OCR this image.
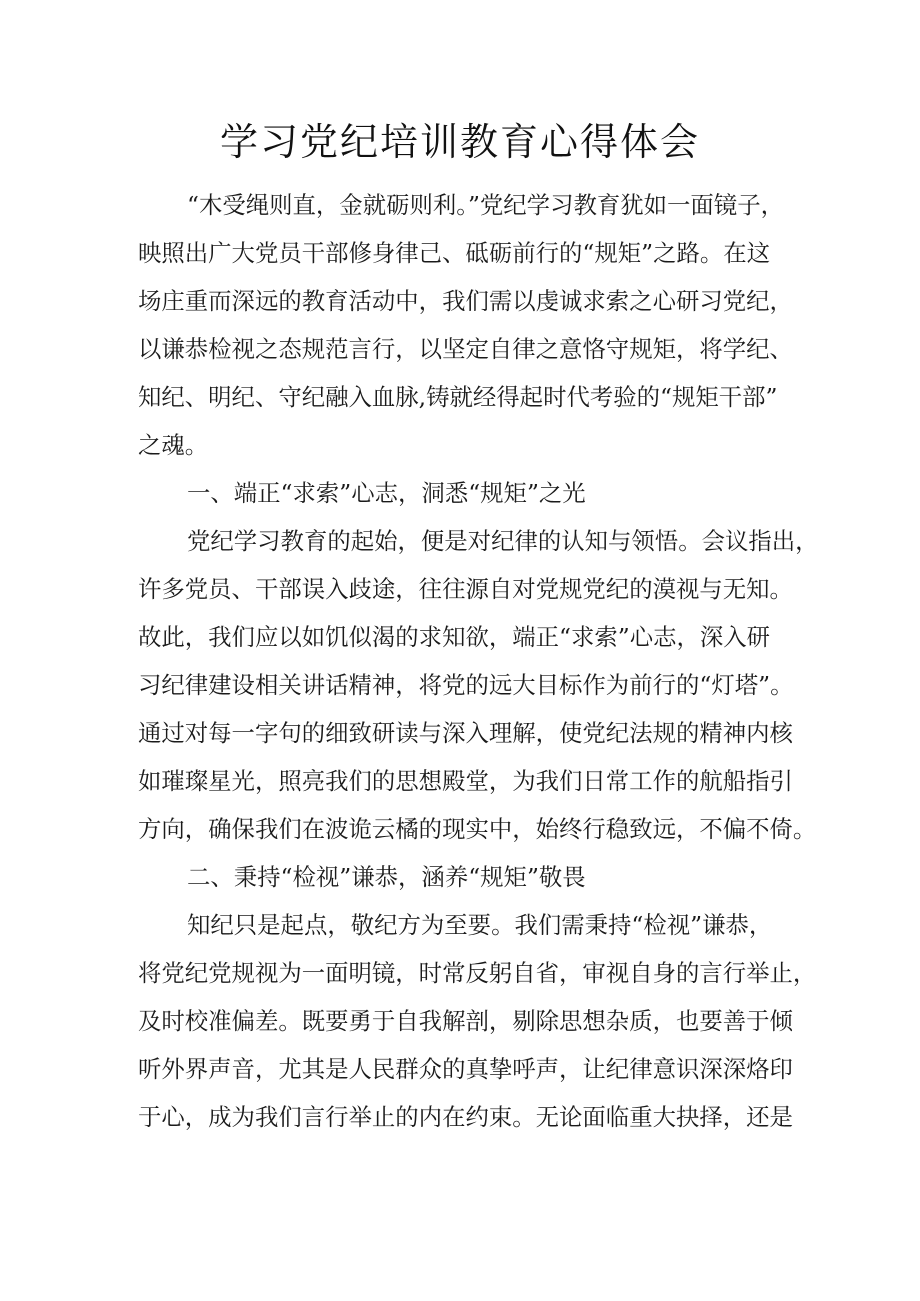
学习党纪培训教育心得体会
“木受绳则直，金就砺则利。”党纪学习教育犹如一面镜子，
映照出广大党员干部修身律己、砥砺前行的“规矩”之路。在这
场庄重而深远的教育活动中，我们需以虔诚求索之心研习党纪，
以谦恭检视之态规范言行，以坚定自律之意恪守规矩，将学纪、
知纪、明纪、守纪融入血脉,铸就经得起时代考验的“规矩干部”
之魂。
一、端正“求索”心志，洞悉“规矩”之光
党纪学习教育的起始，便是对纪律的认知与领悟。会议指出，
许多党员、干部误入歧途，往往源自对党规党纪的漠视与无知。
故此，我们应以如饥似渴的求知欲，端正“求索”心志，深入研
习纪律建设相关讲话精神，将党的远大目标作为前行的“灯塔”。
通过对每一字句的细致研读与深入理解，使党纪法规的精神内核
如璀璨星光，照亮我们的思想殿堂，为我们日常工作的航船指引
方向，确保我们在波诡云橘的现实中，始终行稳致远，不偏不倚。
二、秉持“检视”谦恭，涵养“规矩”敬畏
知纪只是起点，敬纪方为至要。我们需秉持“检视”谦恭，
将党纪党规视为一面明镜，时常反躬自省，审视自身的言行举止，
及时校准偏差。既要勇于自我解剖，剔除思想杂质，也要善于倾
听外界声音，尤其是人民群众的真挚呼声，让纪律意识深深烙印
于心，成为我们言行举止的内在约束。无论面临重大抉择，还是
